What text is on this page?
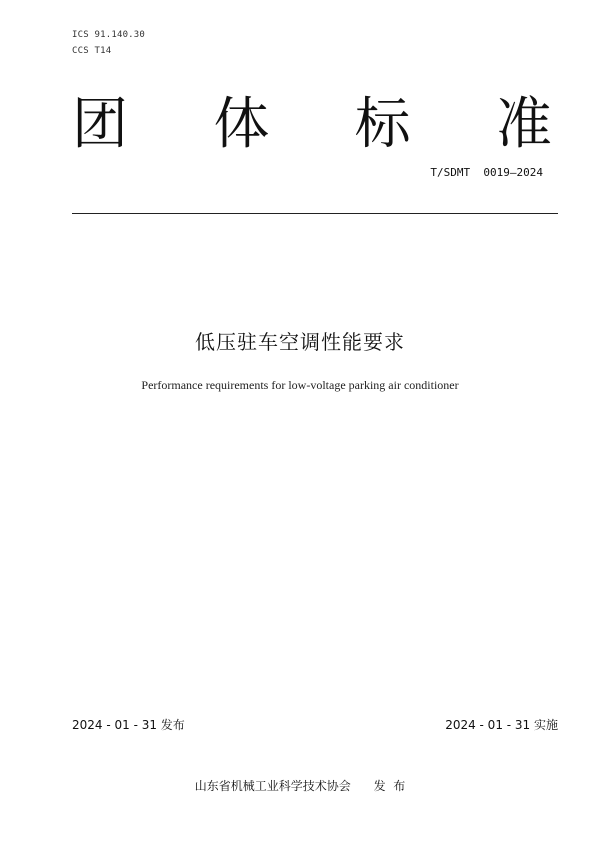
ICS 91.140.30
CCS T14
团 体 标 准
T/SDMT  0019—2024
低压驻车空调性能要求
Performance requirements for low-voltage parking air conditioner
2024 - 01 - 31 发布	2024 - 01 - 31 实施
山东省机械工业科学技术协会      发  布
